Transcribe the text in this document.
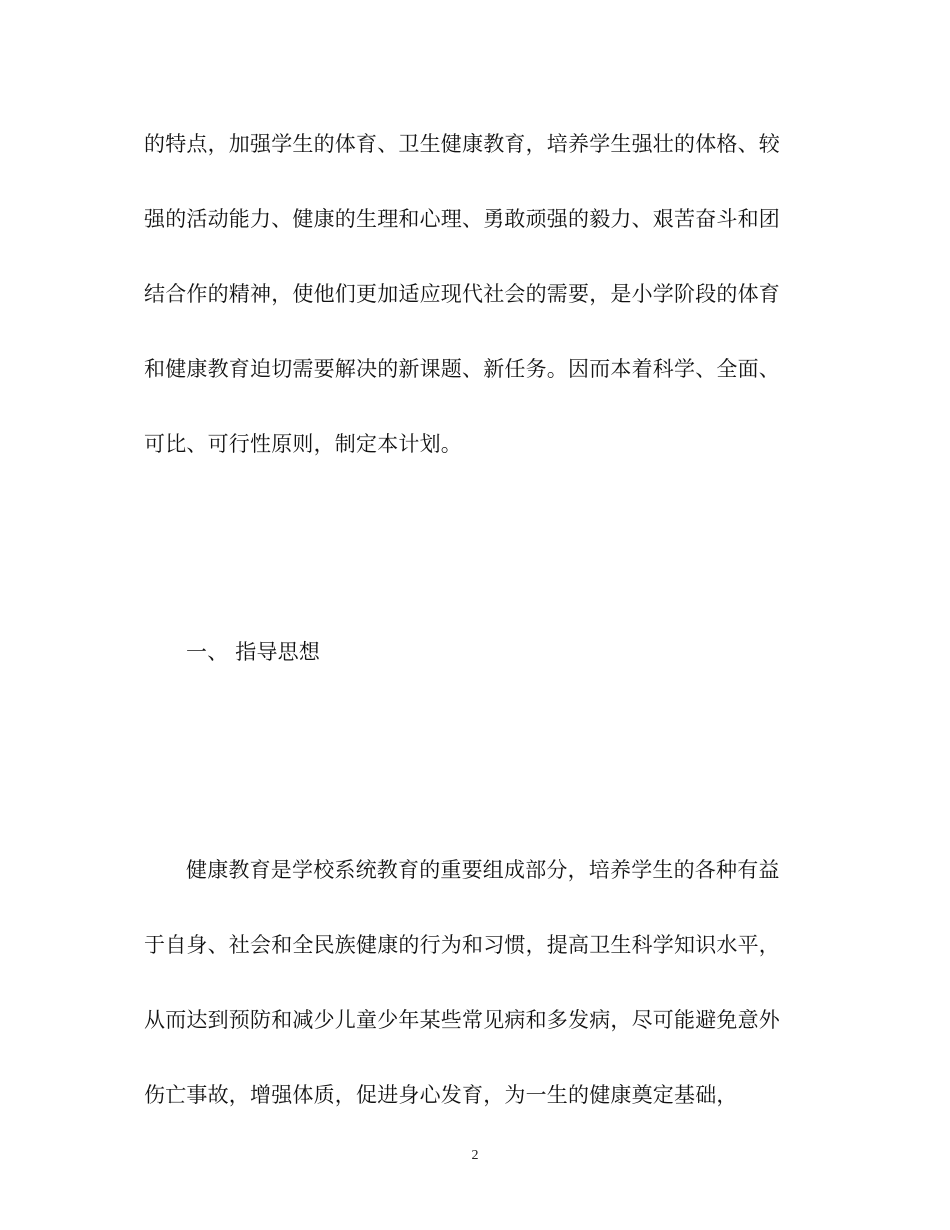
的特点，加强学生的体育、卫生健康教育，培养学生强壮的体格、较
强的活动能力、健康的生理和心理、勇敢顽强的毅力、艰苦奋斗和团
结合作的精神，使他们更加适应现代社会的需要，是小学阶段的体育
和健康教育迫切需要解决的新课题、新任务。因而本着科学、全面、
可比、可行性原则，制定本计划。
一、 指导思想
健康教育是学校系统教育的重要组成部分，培养学生的各种有益
于自身、社会和全民族健康的行为和习惯，提高卫生科学知识水平，
从而达到预防和减少儿童少年某些常见病和多发病，尽可能避免意外
伤亡事故，增强体质，促进身心发育，为一生的健康奠定基础，
2
